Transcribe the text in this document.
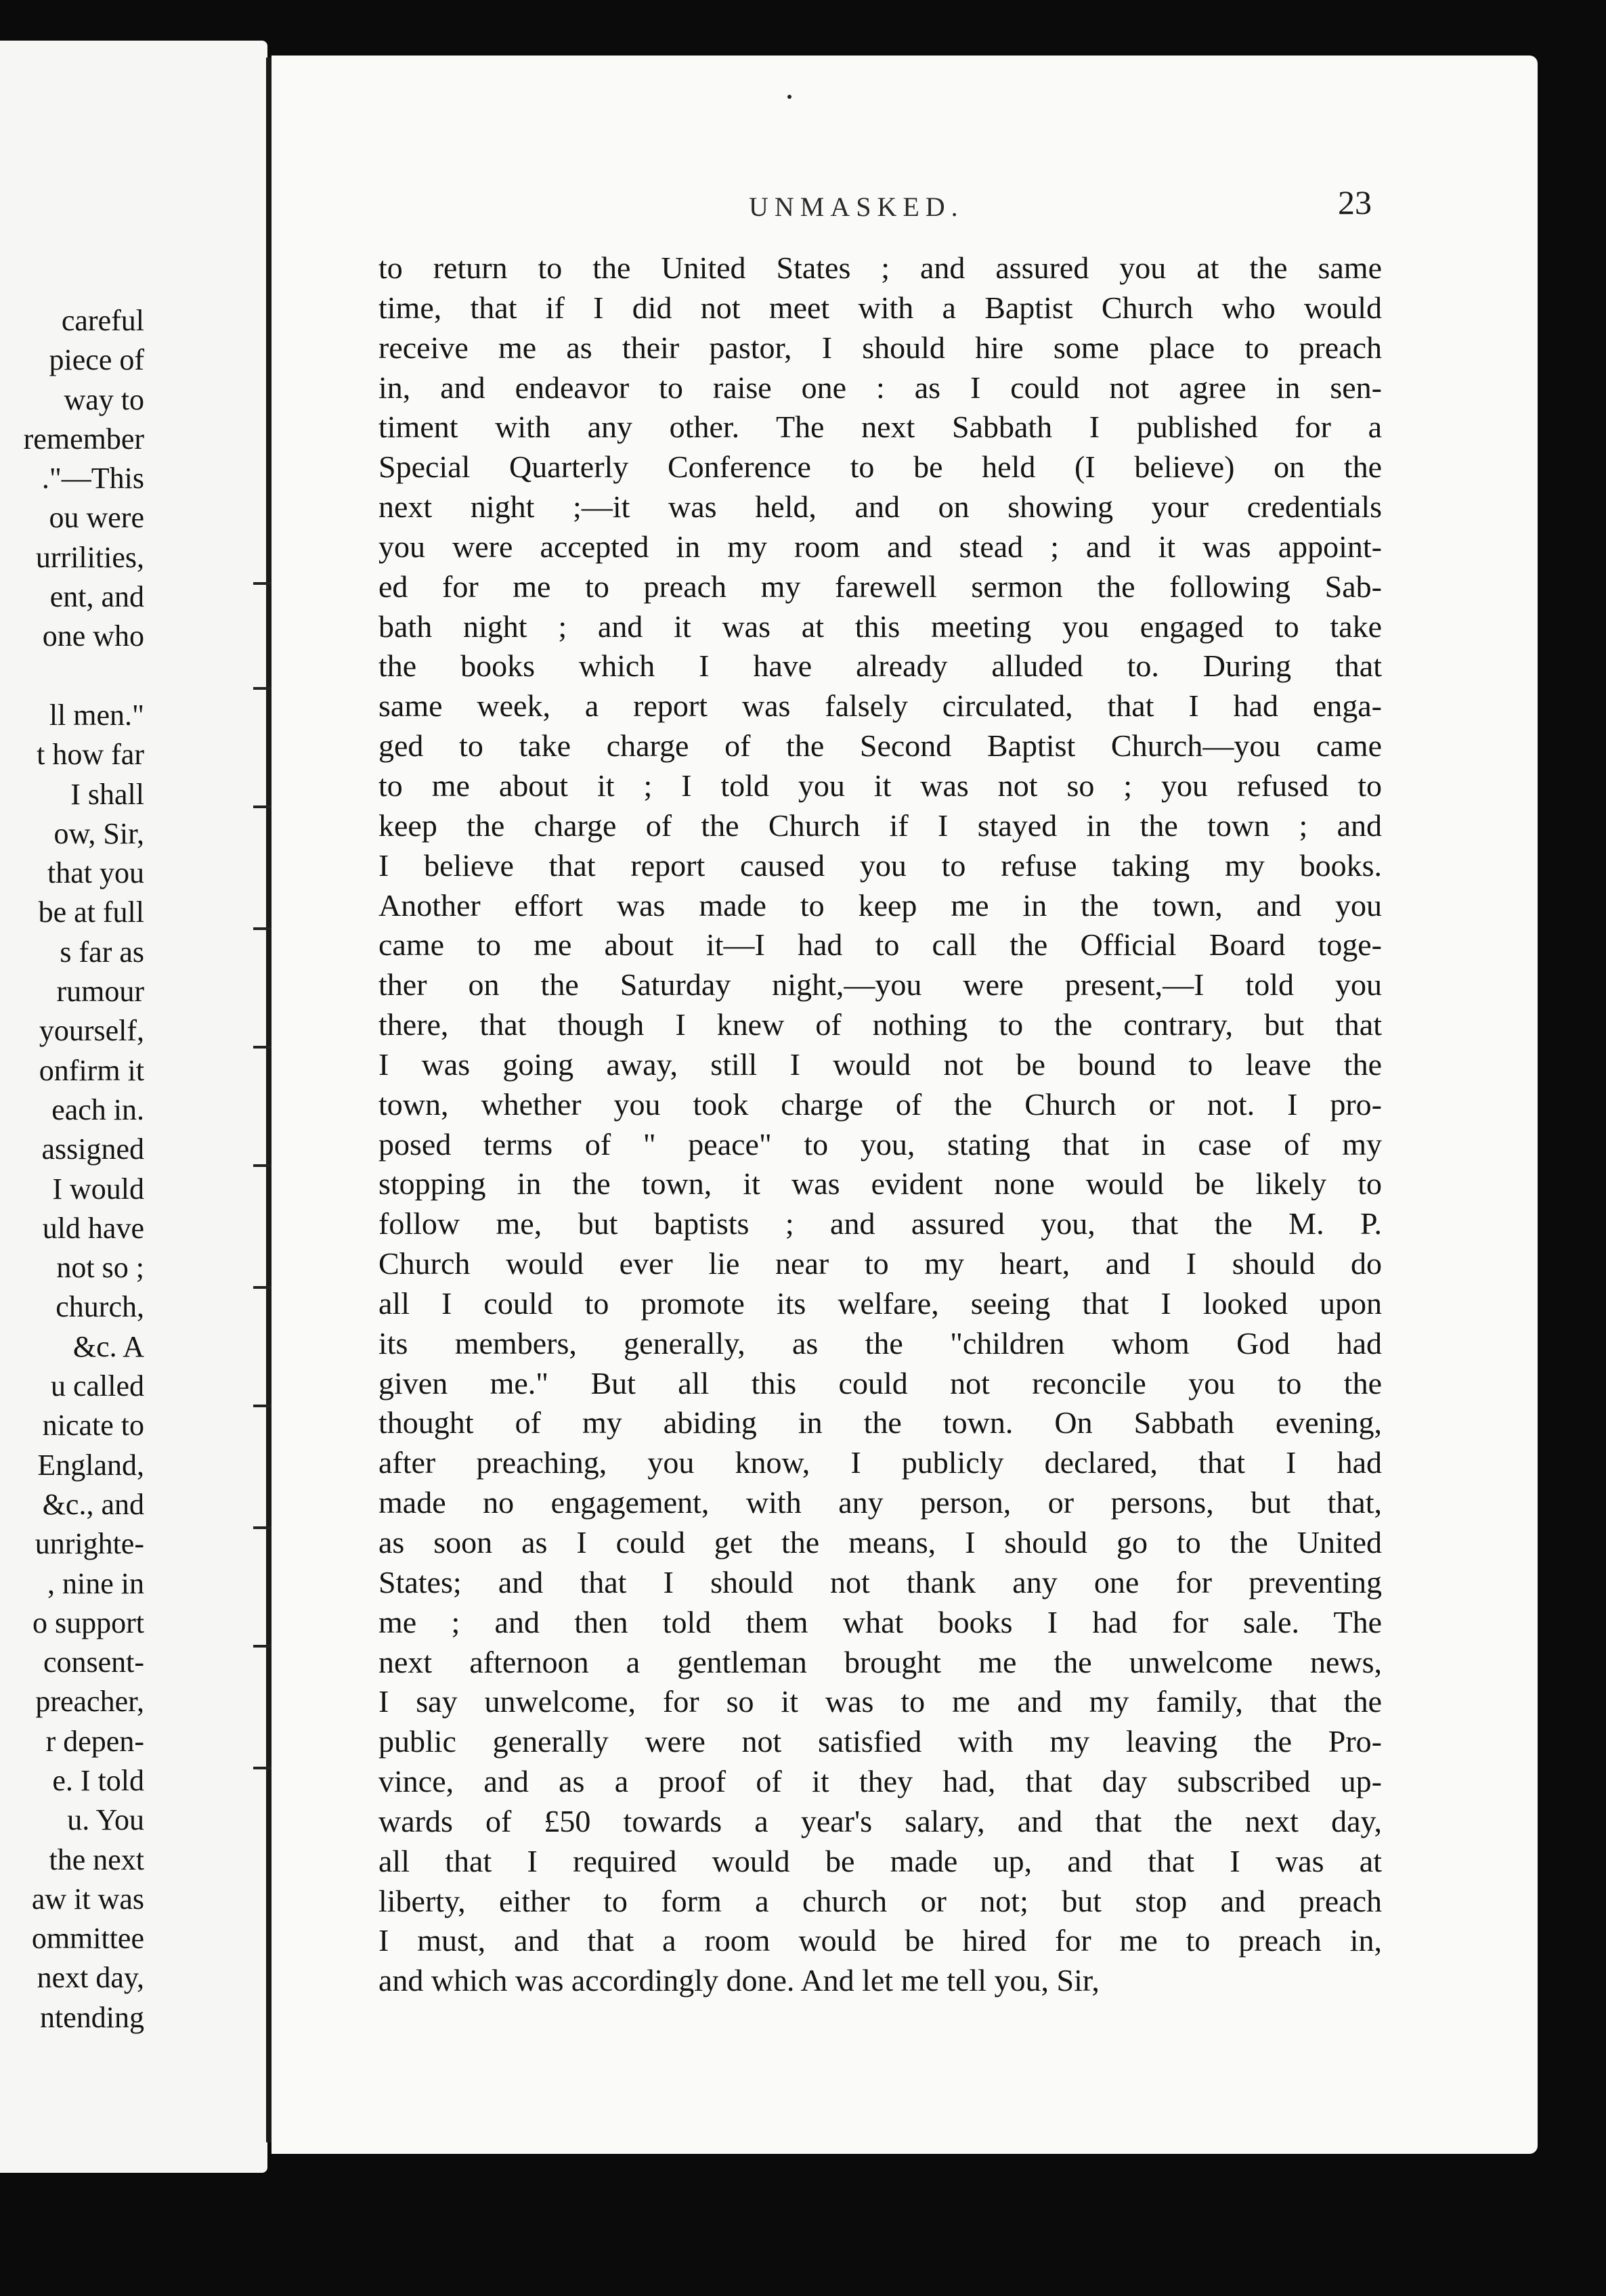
careful
piece of
way to
remember
."—This
ou were
urrilities,
ent, and
one who

ll men."
t how far
I shall
ow, Sir,
that you
be at full
s far as
rumour
yourself,
onfirm it
each in.
assigned
I would
uld have
not so ;
church,
&c. A
u called
nicate to
England,
&c., and
unrighte-
, nine in
o support
consent-
preacher,
r depen-
e. I told
u. You
the next
aw it was
ommittee
next day,
ntending
UNMASKED.	23
to return to the United States ; and assured you at the same
time, that if I did not meet with a Baptist Church who would
receive me as their pastor, I should hire some place to preach
in, and endeavor to raise one : as I could not agree in sen-
timent with any other. The next Sabbath I published for a
Special Quarterly Conference to be held (I believe) on the
next night ;—it was held, and on showing your credentials
you were accepted in my room and stead ; and it was appoint-
ed for me to preach my farewell sermon the following Sab-
bath night ; and it was at this meeting you engaged to take
the books which I have already alluded to. During that
same week, a report was falsely circulated, that I had enga-
ged to take charge of the Second Baptist Church—you came
to me about it ; I told you it was not so ; you refused to
keep the charge of the Church if I stayed in the town ; and
I believe that report caused you to refuse taking my books.
Another effort was made to keep me in the town, and you
came to me about it—I had to call the Official Board toge-
ther on the Saturday night,—you were present,—I told you
there, that though I knew of nothing to the contrary, but that
I was going away, still I would not be bound to leave the
town, whether you took charge of the Church or not. I pro-
posed terms of " peace" to you, stating that in case of my
stopping in the town, it was evident none would be likely to
follow me, but baptists ; and assured you, that the M. P.
Church would ever lie near to my heart, and I should do
all I could to promote its welfare, seeing that I looked upon
its members, generally, as the "children whom God had
given me." But all this could not reconcile you to the
thought of my abiding in the town. On Sabbath evening,
after preaching, you know, I publicly declared, that I had
made no engagement, with any person, or persons, but that,
as soon as I could get the means, I should go to the United
States; and that I should not thank any one for preventing
me ; and then told them what books I had for sale. The
next afternoon a gentleman brought me the unwelcome news,
I say unwelcome, for so it was to me and my family, that the
public generally were not satisfied with my leaving the Pro-
vince, and as a proof of it they had, that day subscribed up-
wards of £50 towards a year's salary, and that the next day,
all that I required would be made up, and that I was at
liberty, either to form a church or not; but stop and preach
I must, and that a room would be hired for me to preach in,
and which was accordingly done. And let me tell you, Sir,
